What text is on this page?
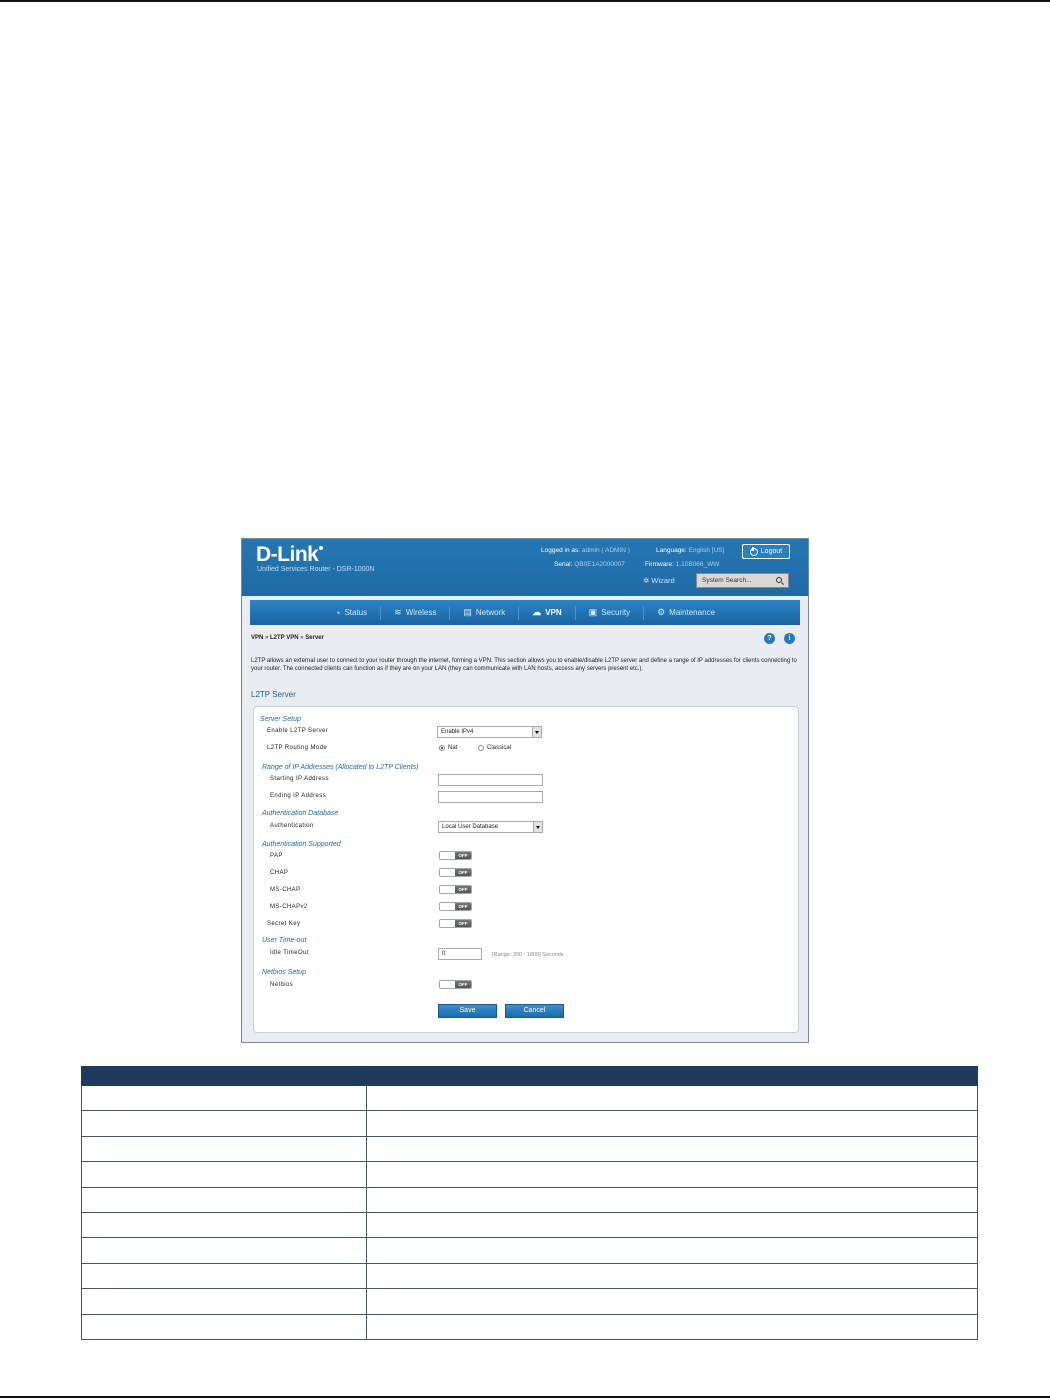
D-Link
Unified Services Router - DSR-1000N
Logged in as: admin ( ADMIN )	Language: English [US]	Logout
Serial: QB0E1A2000007	Firmware: 1.10B066_WW
✲ Wizard	System Search...
◔ Status	≋ Wireless	▤ Network	☁ VPN	▣ Security	⚙ Maintenance
VPN » L2TP VPN » Server	?	i
L2TP allows an external user to connect to your router through the internet, forming a VPN. This section allows you to enable/disable L2TP server and define a range of IP addresses for clients connecting to your router. The connected clients can function as if they are on your LAN (they can communicate with LAN hosts, access any servers present etc.).
L2TP Server
Server Setup
Enable L2TP Server	Enable IPv4
L2TP Routing Mode	Nat	Classical
Range of IP Addresses (Allocated to L2TP Clients)
Starting IP Address
Ending IP Address
Authentication Database
Authentication	Local User Database
Authentication Supported
PAP	OFF
CHAP	OFF
MS-CHAP	OFF
MS-CHAPv2	OFF
Secret Key	OFF
User Time-out
Idle TimeOut	0	[Range: 300 - 1800] Seconds
Netbios Setup
Netbios	OFF
Save	Cancel
